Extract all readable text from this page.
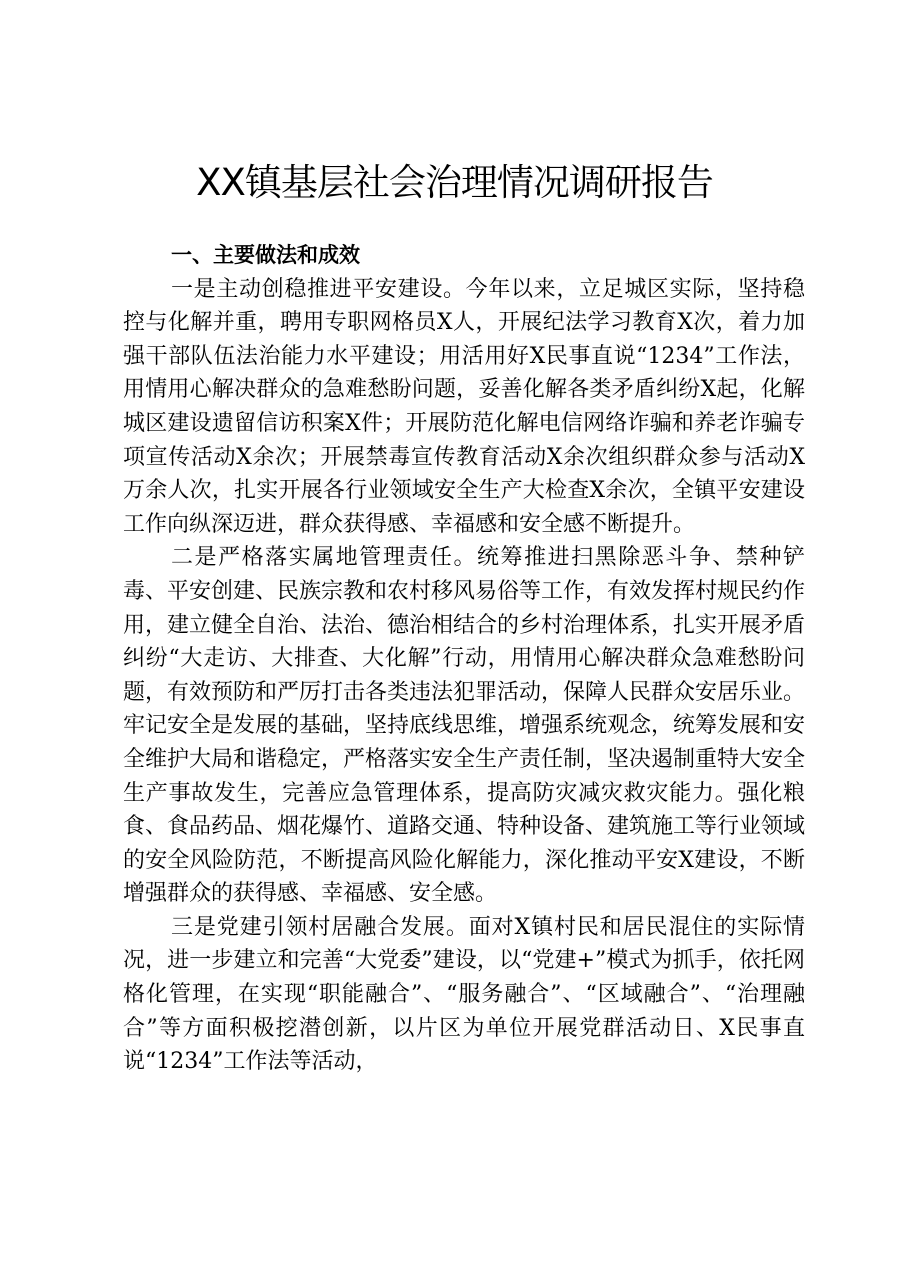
XX镇基层社会治理情况调研报告

一、主要做法和成效

一是主动创稳推进平安建设。今年以来，立足城区实际，坚持稳控与化解并重，聘用专职网格员X人，开展纪法学习教育X次，着力加强干部队伍法治能力水平建设；用活用好X民事直说“1234”工作法，用情用心解决群众的急难愁盼问题，妥善化解各类矛盾纠纷X起，化解城区建设遗留信访积案X件；开展防范化解电信网络诈骗和养老诈骗专项宣传活动X余次；开展禁毒宣传教育活动X余次组织群众参与活动X万余人次，扎实开展各行业领域安全生产大检查X余次，全镇平安建设工作向纵深迈进，群众获得感、幸福感和安全感不断提升。

二是严格落实属地管理责任。统筹推进扫黑除恶斗争、禁种铲毒、平安创建、民族宗教和农村移风易俗等工作，有效发挥村规民约作用，建立健全自治、法治、德治相结合的乡村治理体系，扎实开展矛盾纠纷“大走访、大排查、大化解”行动，用情用心解决群众急难愁盼问题，有效预防和严厉打击各类违法犯罪活动，保障人民群众安居乐业。牢记安全是发展的基础，坚持底线思维，增强系统观念，统筹发展和安全维护大局和谐稳定，严格落实安全生产责任制，坚决遏制重特大安全生产事故发生，完善应急管理体系，提高防灾减灾救灾能力。强化粮食、食品药品、烟花爆竹、道路交通、特种设备、建筑施工等行业领域的安全风险防范，不断提高风险化解能力，深化推动平安X建设，不断增强群众的获得感、幸福感、安全感。

三是党建引领村居融合发展。面对X镇村民和居民混住的实际情况，进一步建立和完善“大党委”建设，以“党建+”模式为抓手，依托网格化管理，在实现“职能融合”、“服务融合”、“区域融合”、“治理融合”等方面积极挖潜创新，以片区为单位开展党群活动日、X民事直说“1234”工作法等活动，
